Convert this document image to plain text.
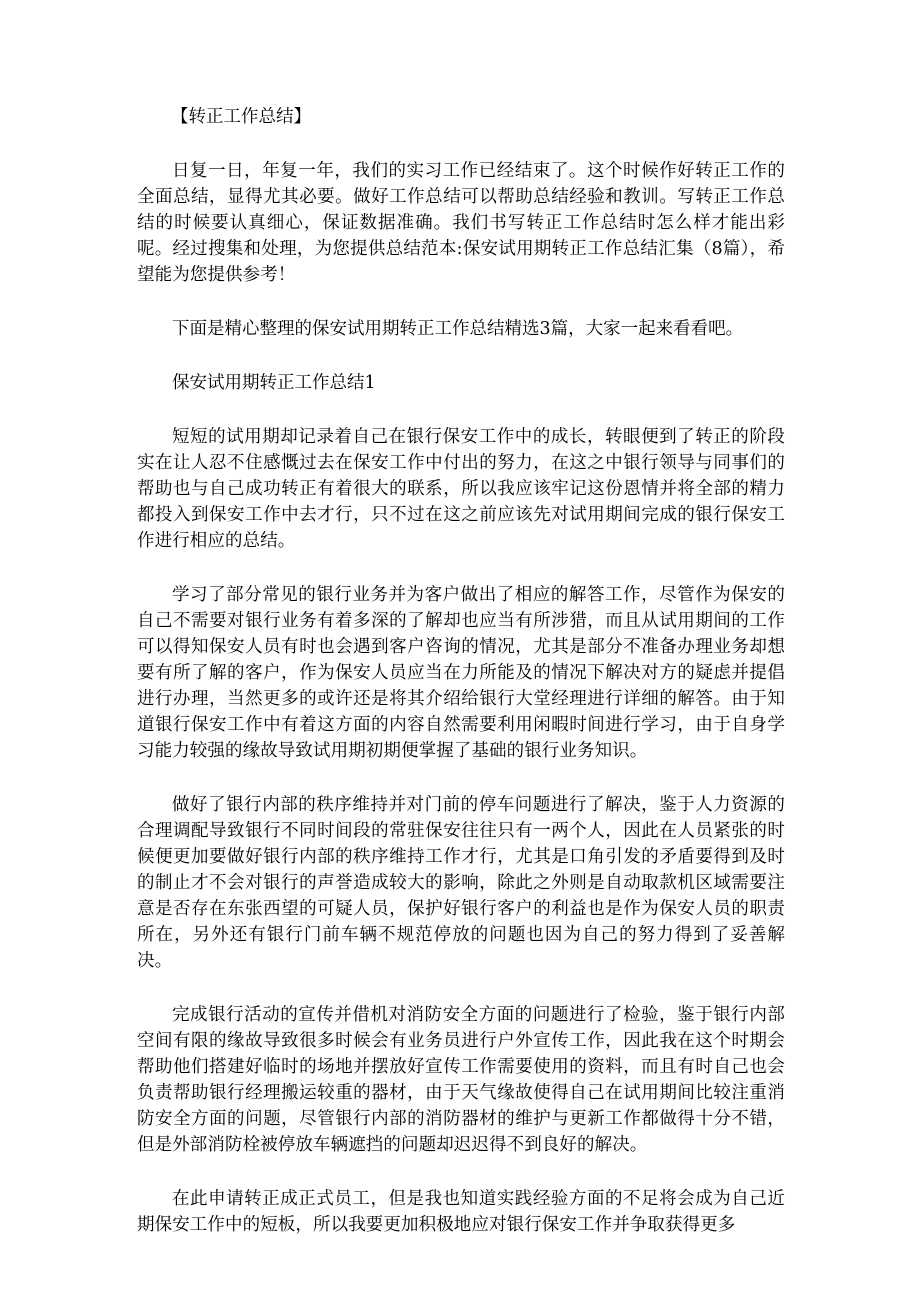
【转正工作总结】

日复一日，年复一年，我们的实习工作已经结束了。这个时候作好转正工作的全面总结，显得尤其必要。做好工作总结可以帮助总结经验和教训。写转正工作总结的时候要认真细心，保证数据准确。我们书写转正工作总结时怎么样才能出彩呢。经过搜集和处理，为您提供总结范本:保安试用期转正工作总结汇集（8篇），希望能为您提供参考！

下面是精心整理的保安试用期转正工作总结精选3篇，大家一起来看看吧。

保安试用期转正工作总结1

短短的试用期却记录着自己在银行保安工作中的成长，转眼便到了转正的阶段实在让人忍不住感慨过去在保安工作中付出的努力，在这之中银行领导与同事们的帮助也与自己成功转正有着很大的联系，所以我应该牢记这份恩情并将全部的精力都投入到保安工作中去才行，只不过在这之前应该先对试用期间完成的银行保安工作进行相应的总结。

学习了部分常见的银行业务并为客户做出了相应的解答工作，尽管作为保安的自己不需要对银行业务有着多深的了解却也应当有所涉猎，而且从试用期间的工作可以得知保安人员有时也会遇到客户咨询的情况，尤其是部分不准备办理业务却想要有所了解的客户，作为保安人员应当在力所能及的情况下解决对方的疑虑并提倡进行办理，当然更多的或许还是将其介绍给银行大堂经理进行详细的解答。由于知道银行保安工作中有着这方面的内容自然需要利用闲暇时间进行学习，由于自身学习能力较强的缘故导致试用期初期便掌握了基础的银行业务知识。

做好了银行内部的秩序维持并对门前的停车问题进行了解决，鉴于人力资源的合理调配导致银行不同时间段的常驻保安往往只有一两个人，因此在人员紧张的时候便更加要做好银行内部的秩序维持工作才行，尤其是口角引发的矛盾要得到及时的制止才不会对银行的声誉造成较大的影响，除此之外则是自动取款机区域需要注意是否存在东张西望的可疑人员，保护好银行客户的利益也是作为保安人员的职责所在，另外还有银行门前车辆不规范停放的问题也因为自己的努力得到了妥善解决。

完成银行活动的宣传并借机对消防安全方面的问题进行了检验，鉴于银行内部空间有限的缘故导致很多时候会有业务员进行户外宣传工作，因此我在这个时期会帮助他们搭建好临时的场地并摆放好宣传工作需要使用的资料，而且有时自己也会负责帮助银行经理搬运较重的器材，由于天气缘故使得自己在试用期间比较注重消防安全方面的问题，尽管银行内部的消防器材的维护与更新工作都做得十分不错，但是外部消防栓被停放车辆遮挡的问题却迟迟得不到良好的解决。

在此申请转正成正式员工，但是我也知道实践经验方面的不足将会成为自己近期保安工作中的短板，所以我要更加积极地应对银行保安工作并争取获得更多
